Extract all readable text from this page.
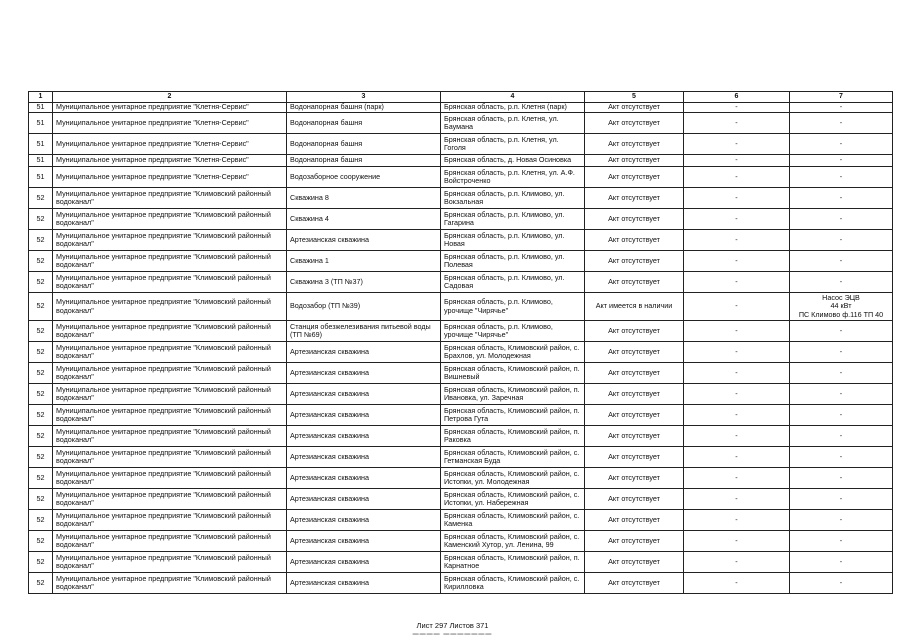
1	2	3	4	5	6	7
51	Муниципальное унитарное предприятие "Клетня-Сервис"	Водонапорная башня (парк)	Брянская область, р.п. Клетня (парк)	Акт отсутствует	-	-
51	Муниципальное унитарное предприятие "Клетня-Сервис"	Водонапорная башня	Брянская область, р.п. Клетня, ул. Баумана	Акт отсутствует	-	-
51	Муниципальное унитарное предприятие "Клетня-Сервис"	Водонапорная башня	Брянская область, р.п. Клетня, ул. Гоголя	Акт отсутствует	-	-
51	Муниципальное унитарное предприятие "Клетня-Сервис"	Водонапорная башня	Брянская область, д. Новая Осиновка	Акт отсутствует	-	-
51	Муниципальное унитарное предприятие "Клетня-Сервис"	Водозаборное сооружение	Брянская область, р.п. Клетня, ул. А.Ф. Войстроченко	Акт отсутствует	-	-
52	Муниципальное унитарное предприятие "Климовский районный водоканал"	Скважина 8	Брянская область, р.п. Климово, ул. Вокзальная	Акт отсутствует	-	-
52	Муниципальное унитарное предприятие "Климовский районный водоканал"	Скважина 4	Брянская область, р.п. Климово, ул. Гагарина	Акт отсутствует	-	-
52	Муниципальное унитарное предприятие "Климовский районный водоканал"	Артезианская скважина	Брянская область, р.п. Климово, ул. Новая	Акт отсутствует	-	-
52	Муниципальное унитарное предприятие "Климовский районный водоканал"	Скважина 1	Брянская область, р.п. Климово, ул. Полевая	Акт отсутствует	-	-
52	Муниципальное унитарное предприятие "Климовский районный водоканал"	Скважина 3 (ТП №37)	Брянская область, р.п. Климово, ул. Садовая	Акт отсутствует	-	-
52	Муниципальное унитарное предприятие "Климовский районный водоканал"	Водозабор (ТП №39)	Брянская область, р.п. Климово, урочище "Чирячье"	Акт имеется в наличии	-	Насос ЭЦВ
44 кВт
ПС Климово ф.116 ТП 40
52	Муниципальное унитарное предприятие "Климовский районный водоканал"	Станция обезжелезивания питьевой воды (ТП №69)	Брянская область, р.п. Климово, урочище "Чирячье"	Акт отсутствует	-	-
52	Муниципальное унитарное предприятие "Климовский районный водоканал"	Артезианская скважина	Брянская область, Климовский район, с. Брахлов, ул. Молодежная	Акт отсутствует	-	-
52	Муниципальное унитарное предприятие "Климовский районный водоканал"	Артезианская скважина	Брянская область, Климовский район, п. Вишневый	Акт отсутствует	-	-
52	Муниципальное унитарное предприятие "Климовский районный водоканал"	Артезианская скважина	Брянская область, Климовский район, п. Ивановка, ул. Заречная	Акт отсутствует	-	-
52	Муниципальное унитарное предприятие "Климовский районный водоканал"	Артезианская скважина	Брянская область, Климовский район, п. Петрова Гута	Акт отсутствует	-	-
52	Муниципальное унитарное предприятие "Климовский районный водоканал"	Артезианская скважина	Брянская область, Климовский район, п. Раковка	Акт отсутствует	-	-
52	Муниципальное унитарное предприятие "Климовский районный водоканал"	Артезианская скважина	Брянская область, Климовский район, с. Гетманская Буда	Акт отсутствует	-	-
52	Муниципальное унитарное предприятие "Климовский районный водоканал"	Артезианская скважина	Брянская область, Климовский район, с. Истопки, ул. Молодежная	Акт отсутствует	-	-
52	Муниципальное унитарное предприятие "Климовский районный водоканал"	Артезианская скважина	Брянская область, Климовский район, с. Истопки, ул. Набережная	Акт отсутствует	-	-
52	Муниципальное унитарное предприятие "Климовский районный водоканал"	Артезианская скважина	Брянская область, Климовский район, с. Каменка	Акт отсутствует	-	-
52	Муниципальное унитарное предприятие "Климовский районный водоканал"	Артезианская скважина	Брянская область, Климовский район, с. Каменский Хутор, ул. Ленина, 99	Акт отсутствует	-	-
52	Муниципальное унитарное предприятие "Климовский районный водоканал"	Артезианская скважина	Брянская область, Климовский район, п. Карнатное	Акт отсутствует	-	-
52	Муниципальное унитарное предприятие "Климовский районный водоканал"	Артезианская скважина	Брянская область, Климовский район, с. Кирилловка	Акт отсутствует	-	-
Лист 297 Листов 371
▬▬▬▬ ▬▬▬▬▬▬▬
